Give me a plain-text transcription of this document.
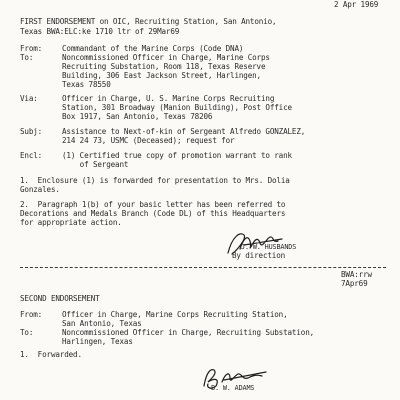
2 Apr 1969
FIRST ENDORSEMENT on OIC, Recruiting Station, San Antonio,
Texas BWA:ELC:ke 1710 ltr of 29Mar69
From:	Commandant of the Marine Corps (Code DNA)
To:	Noncommissioned Officer in Charge, Marine Corps
Recruiting Substation, Room 118, Texas Reserve
Building, 306 East Jackson Street, Harlingen,
Texas 78550
Via:	Officer in Charge, U. S. Marine Corps Recruiting
Station, 301 Broadway (Manion Building), Post Office
Box 1917, San Antonio, Texas 78206
Subj:	Assistance to Next-of-kin of Sergeant Alfredo GONZALEZ,
214 24 73, USMC (Deceased); request for
Encl:	(1) Certified true copy of promotion warrant to rank
of Sergeant
1.  Enclosure (1) is forwarded for presentation to Mrs. Dolia
Gonzales.
2.  Paragraph 1(b) of your basic letter has been referred to
Decorations and Medals Branch (Code DL) of this Headquarters
for appropriate action.
J. W. HUSBANDS
By direction
BWA:rrw
7Apr69
SECOND ENDORSEMENT
From:	Officer in Charge, Marine Corps Recruiting Station,
San Antonio, Texas
To:	Noncommissioned Officer in Charge, Recruiting Substation,
Harlingen, Texas
1.  Forwarded.
B. W. ADAMS
